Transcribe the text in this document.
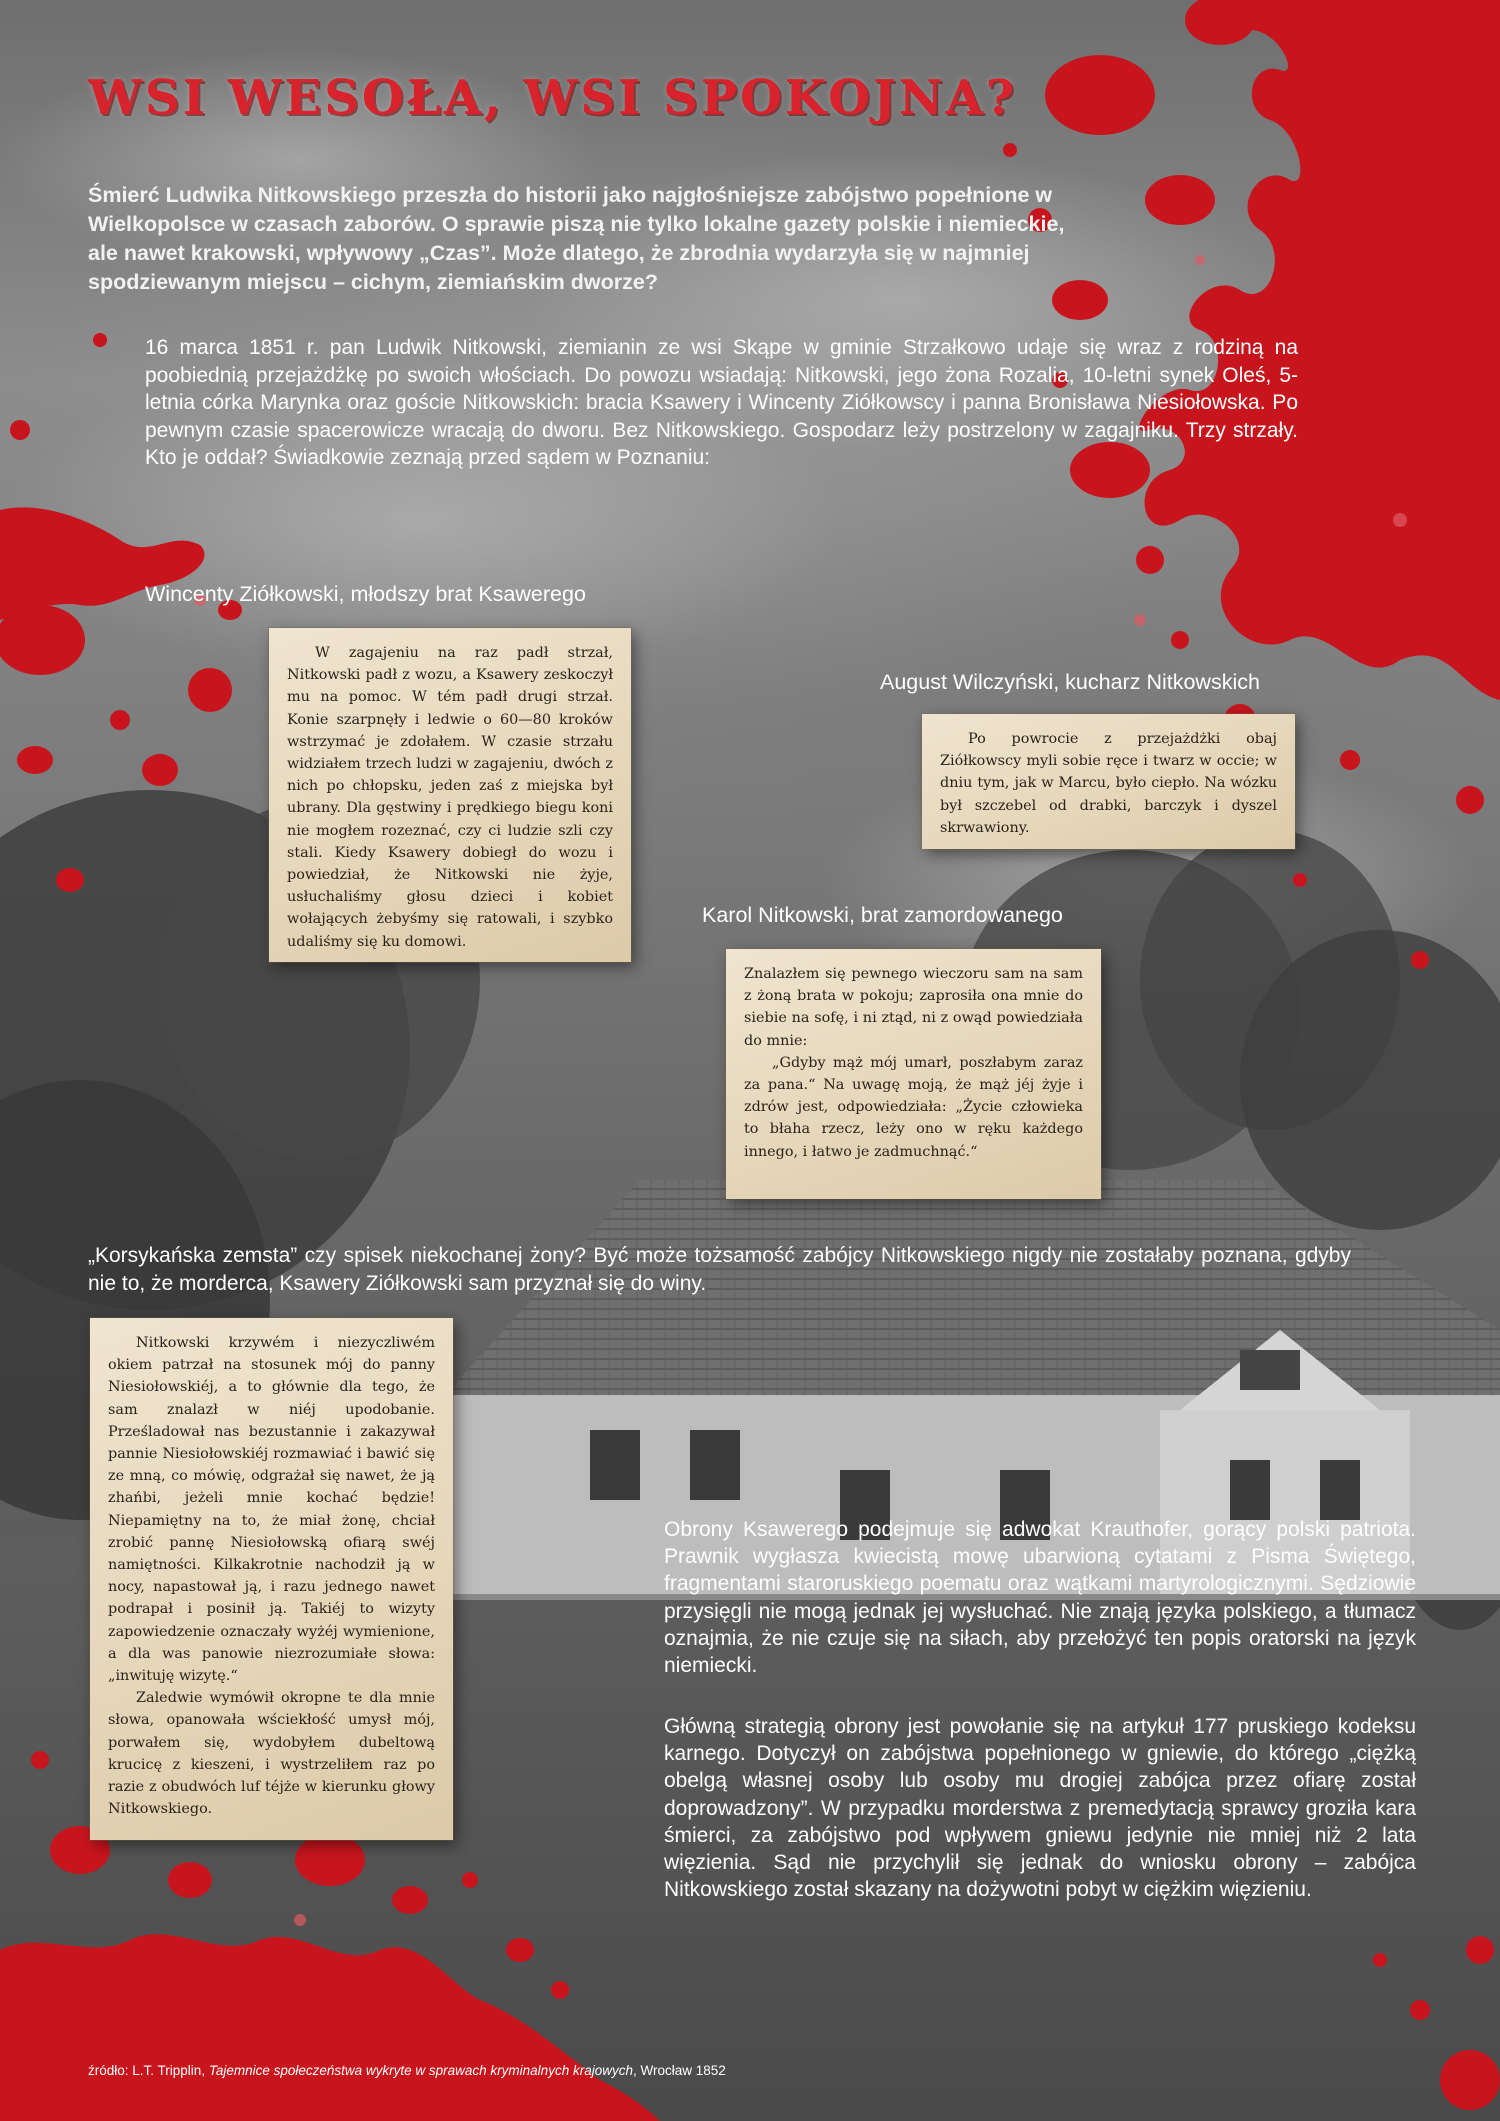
WSI WESOŁA, WSI SPOKOJNA?

Śmierć Ludwika Nitkowskiego przeszła do historii jako najgłośniejsze zabójstwo popełnione w Wielkopolsce w czasach zaborów. O sprawie piszą nie tylko lokalne gazety polskie i niemieckie, ale nawet krakowski, wpływowy „Czas”. Może dlatego, że zbrodnia wydarzyła się w najmniej spodziewanym miejscu – cichym, ziemiańskim dworze?

16 marca 1851 r. pan Ludwik Nitkowski, ziemianin ze wsi Skąpe w gminie Strzałkowo udaje się wraz z rodziną na poobiednią przejażdżkę po swoich włościach. Do powozu wsiadają: Nitkowski, jego żona Rozalia, 10-letni synek Oleś, 5-letnia córka Marynka oraz goście Nitkowskich: bracia Ksawery i Wincenty Ziółkowscy i panna Bronisława Niesiołowska. Po pewnym czasie spacerowicze wracają do dworu. Bez Nitkowskiego. Gospodarz leży postrzelony w zagajniku. Trzy strzały. Kto je oddał? Świadkowie zeznają przed sądem w Poznaniu:

Wincenty Ziółkowski, młodszy brat Ksawerego

W zagajeniu na raz padł strzał, Nitkowski padł z wozu, a Ksawery zeskoczył mu na pomoc. W tém padł drugi strzał. Konie szarpnęły i ledwie o 60—80 kroków wstrzymać je zdołałem. W czasie strzału widziałem trzech ludzi w zagajeniu, dwóch z nich po chłopsku, jeden zaś z miejska był ubrany. Dla gęstwiny i prędkiego biegu koni nie mogłem rozeznać, czy ci ludzie szli czy stali. Kiedy Ksawery dobiegł do wozu i powiedział, że Nitkowski nie żyje, usłuchaliśmy głosu dzieci i kobiet wołających żebyśmy się ratowali, i szybko udaliśmy się ku domowi.

August Wilczyński, kucharz Nitkowskich

Po powrocie z przejażdżki obaj Ziółkowscy myli sobie ręce i twarz w occie; w dniu tym, jak w Marcu, było ciepło. Na wózku był szczebel od drabki, barczyk i dyszel skrwawiony.

Karol Nitkowski, brat zamordowanego

Znalazłem się pewnego wieczoru sam na sam z żoną brata w pokoju; zaprosiła ona mnie do siebie na sofę, i ni ztąd, ni z owąd powiedziała do mnie:

„Gdyby mąż mój umarł, poszłabym zaraz za pana.“ Na uwagę moją, że mąż jéj żyje i zdrów jest, odpowiedziała: „Życie człowieka to błaha rzecz, leży ono w ręku każdego innego, i łatwo je zadmuchnąć.“

„Korsykańska zemsta” czy spisek niekochanej żony? Być może tożsamość zabójcy Nitkowskiego nigdy nie zostałaby poznana, gdyby nie to, że morderca, Ksawery Ziółkowski sam przyznał się do winy.

Nitkowski krzywém i niezyczliwém okiem patrzał na stosunek mój do panny Niesiołowskiéj, a to głównie dla tego, że sam znalazł w niéj upodobanie. Prześladował nas bezustannie i zakazywał pannie Niesiołowskiéj rozmawiać i bawić się ze mną, co mówię, odgrażał się nawet, że ją zhańbi, jeżeli mnie kochać będzie! Niepamiętny na to, że miał żonę, chciał zrobić pannę Niesiołowską ofiarą swéj namiętności. Kilkakrotnie nachodził ją w nocy, napastował ją, i razu jednego nawet podrapał i posinił ją. Takiéj to wizyty zapowiedzenie oznaczały wyżéj wymienione, a dla was panowie niezrozumiałe słowa: „inwituję wizytę.“

Zaledwie wymówił okropne te dla mnie słowa, opanowała wściekłość umysł mój, porwałem się, wydobyłem dubeltową krucicę z kieszeni, i wystrzeliłem raz po razie z obudwóch luf téjże w kierunku głowy Nitkowskiego.

Obrony Ksawerego podejmuje się adwokat Krauthofer, gorący polski patriota. Prawnik wygłasza kwiecistą mowę ubarwioną cytatami z Pisma Świętego, fragmentami staroruskiego poematu oraz wątkami martyrologicznymi. Sędziowie przysięgli nie mogą jednak jej wysłuchać. Nie znają języka polskiego, a tłumacz oznajmia, że nie czuje się na siłach, aby przełożyć ten popis oratorski na język niemiecki.

Główną strategią obrony jest powołanie się na artykuł 177 pruskiego kodeksu karnego. Dotyczył on zabójstwa popełnionego w gniewie, do którego „ciężką obelgą własnej osoby lub osoby mu drogiej zabójca przez ofiarę został doprowadzony”. W przypadku morderstwa z premedytacją sprawcy groziła kara śmierci, za zabójstwo pod wpływem gniewu jedynie nie mniej niż 2 lata więzienia. Sąd nie przychylił się jednak do wniosku obrony – zabójca Nitkowskiego został skazany na dożywotni pobyt w ciężkim więzieniu.

źródło: L.T. Tripplin, Tajemnice społeczeństwa wykryte w sprawach kryminalnych krajowych, Wrocław 1852
